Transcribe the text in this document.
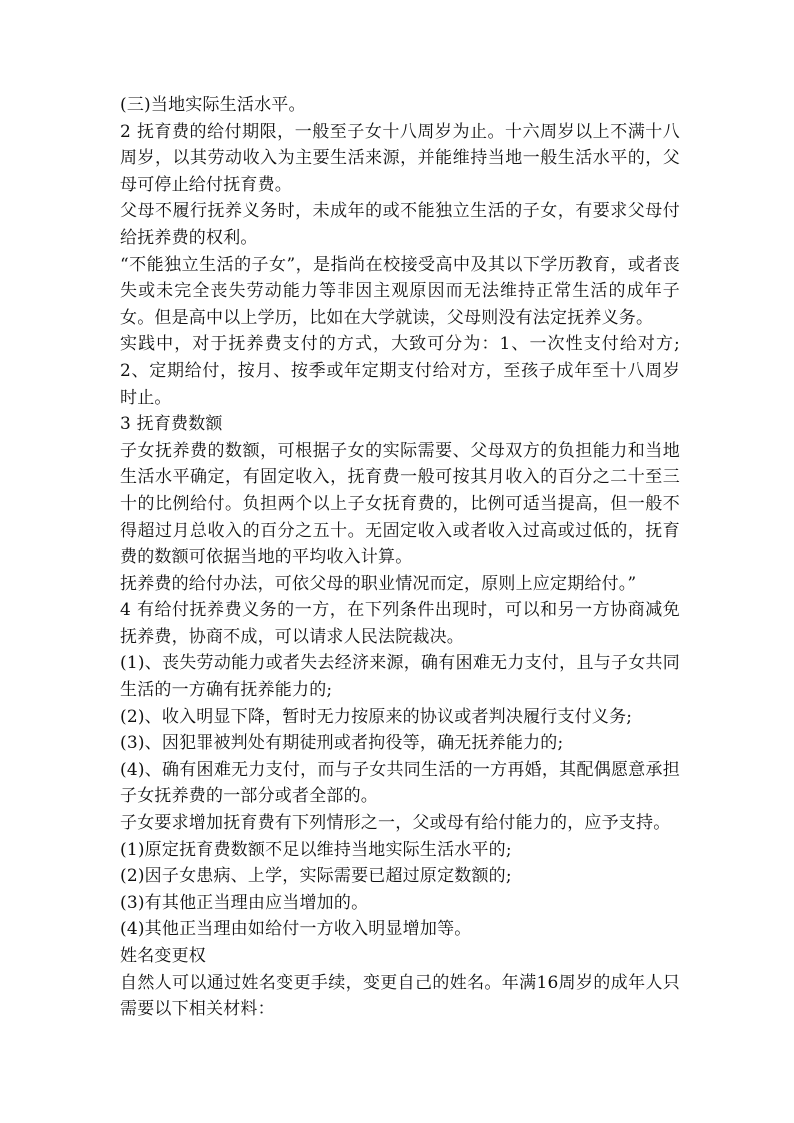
(三)当地实际生活水平。

2 抚育费的给付期限，一般至子女十八周岁为止。十六周岁以上不满十八周岁，以其劳动收入为主要生活来源，并能维持当地一般生活水平的，父母可停止给付抚育费。

父母不履行抚养义务时，未成年的或不能独立生活的子女，有要求父母付给抚养费的权利。

“不能独立生活的子女”，是指尚在校接受高中及其以下学历教育，或者丧失或未完全丧失劳动能力等非因主观原因而无法维持正常生活的成年子女。但是高中以上学历，比如在大学就读，父母则没有法定抚养义务。

实践中，对于抚养费支付的方式，大致可分为：1、一次性支付给对方;2、定期给付，按月、按季或年定期支付给对方，至孩子成年至十八周岁时止。

3 抚育费数额

子女抚养费的数额，可根据子女的实际需要、父母双方的负担能力和当地生活水平确定，有固定收入，抚育费一般可按其月收入的百分之二十至三十的比例给付。负担两个以上子女抚育费的，比例可适当提高，但一般不得超过月总收入的百分之五十。无固定收入或者收入过高或过低的，抚育费的数额可依据当地的平均收入计算。

抚养费的给付办法，可依父母的职业情况而定，原则上应定期给付。”

4 有给付抚养费义务的一方，在下列条件出现时，可以和另一方协商减免抚养费，协商不成，可以请求人民法院裁决。

(1)、丧失劳动能力或者失去经济来源，确有困难无力支付，且与子女共同生活的一方确有抚养能力的;

(2)、收入明显下降，暂时无力按原来的协议或者判决履行支付义务;

(3)、因犯罪被判处有期徒刑或者拘役等，确无抚养能力的;

(4)、确有困难无力支付，而与子女共同生活的一方再婚，其配偶愿意承担子女抚养费的一部分或者全部的。

子女要求增加抚育费有下列情形之一，父或母有给付能力的，应予支持。

(1)原定抚育费数额不足以维持当地实际生活水平的;

(2)因子女患病、上学，实际需要已超过原定数额的;

(3)有其他正当理由应当增加的。

(4)其他正当理由如给付一方收入明显增加等。

姓名变更权

自然人可以通过姓名变更手续，变更自己的姓名。年满16周岁的成年人只需要以下相关材料：
